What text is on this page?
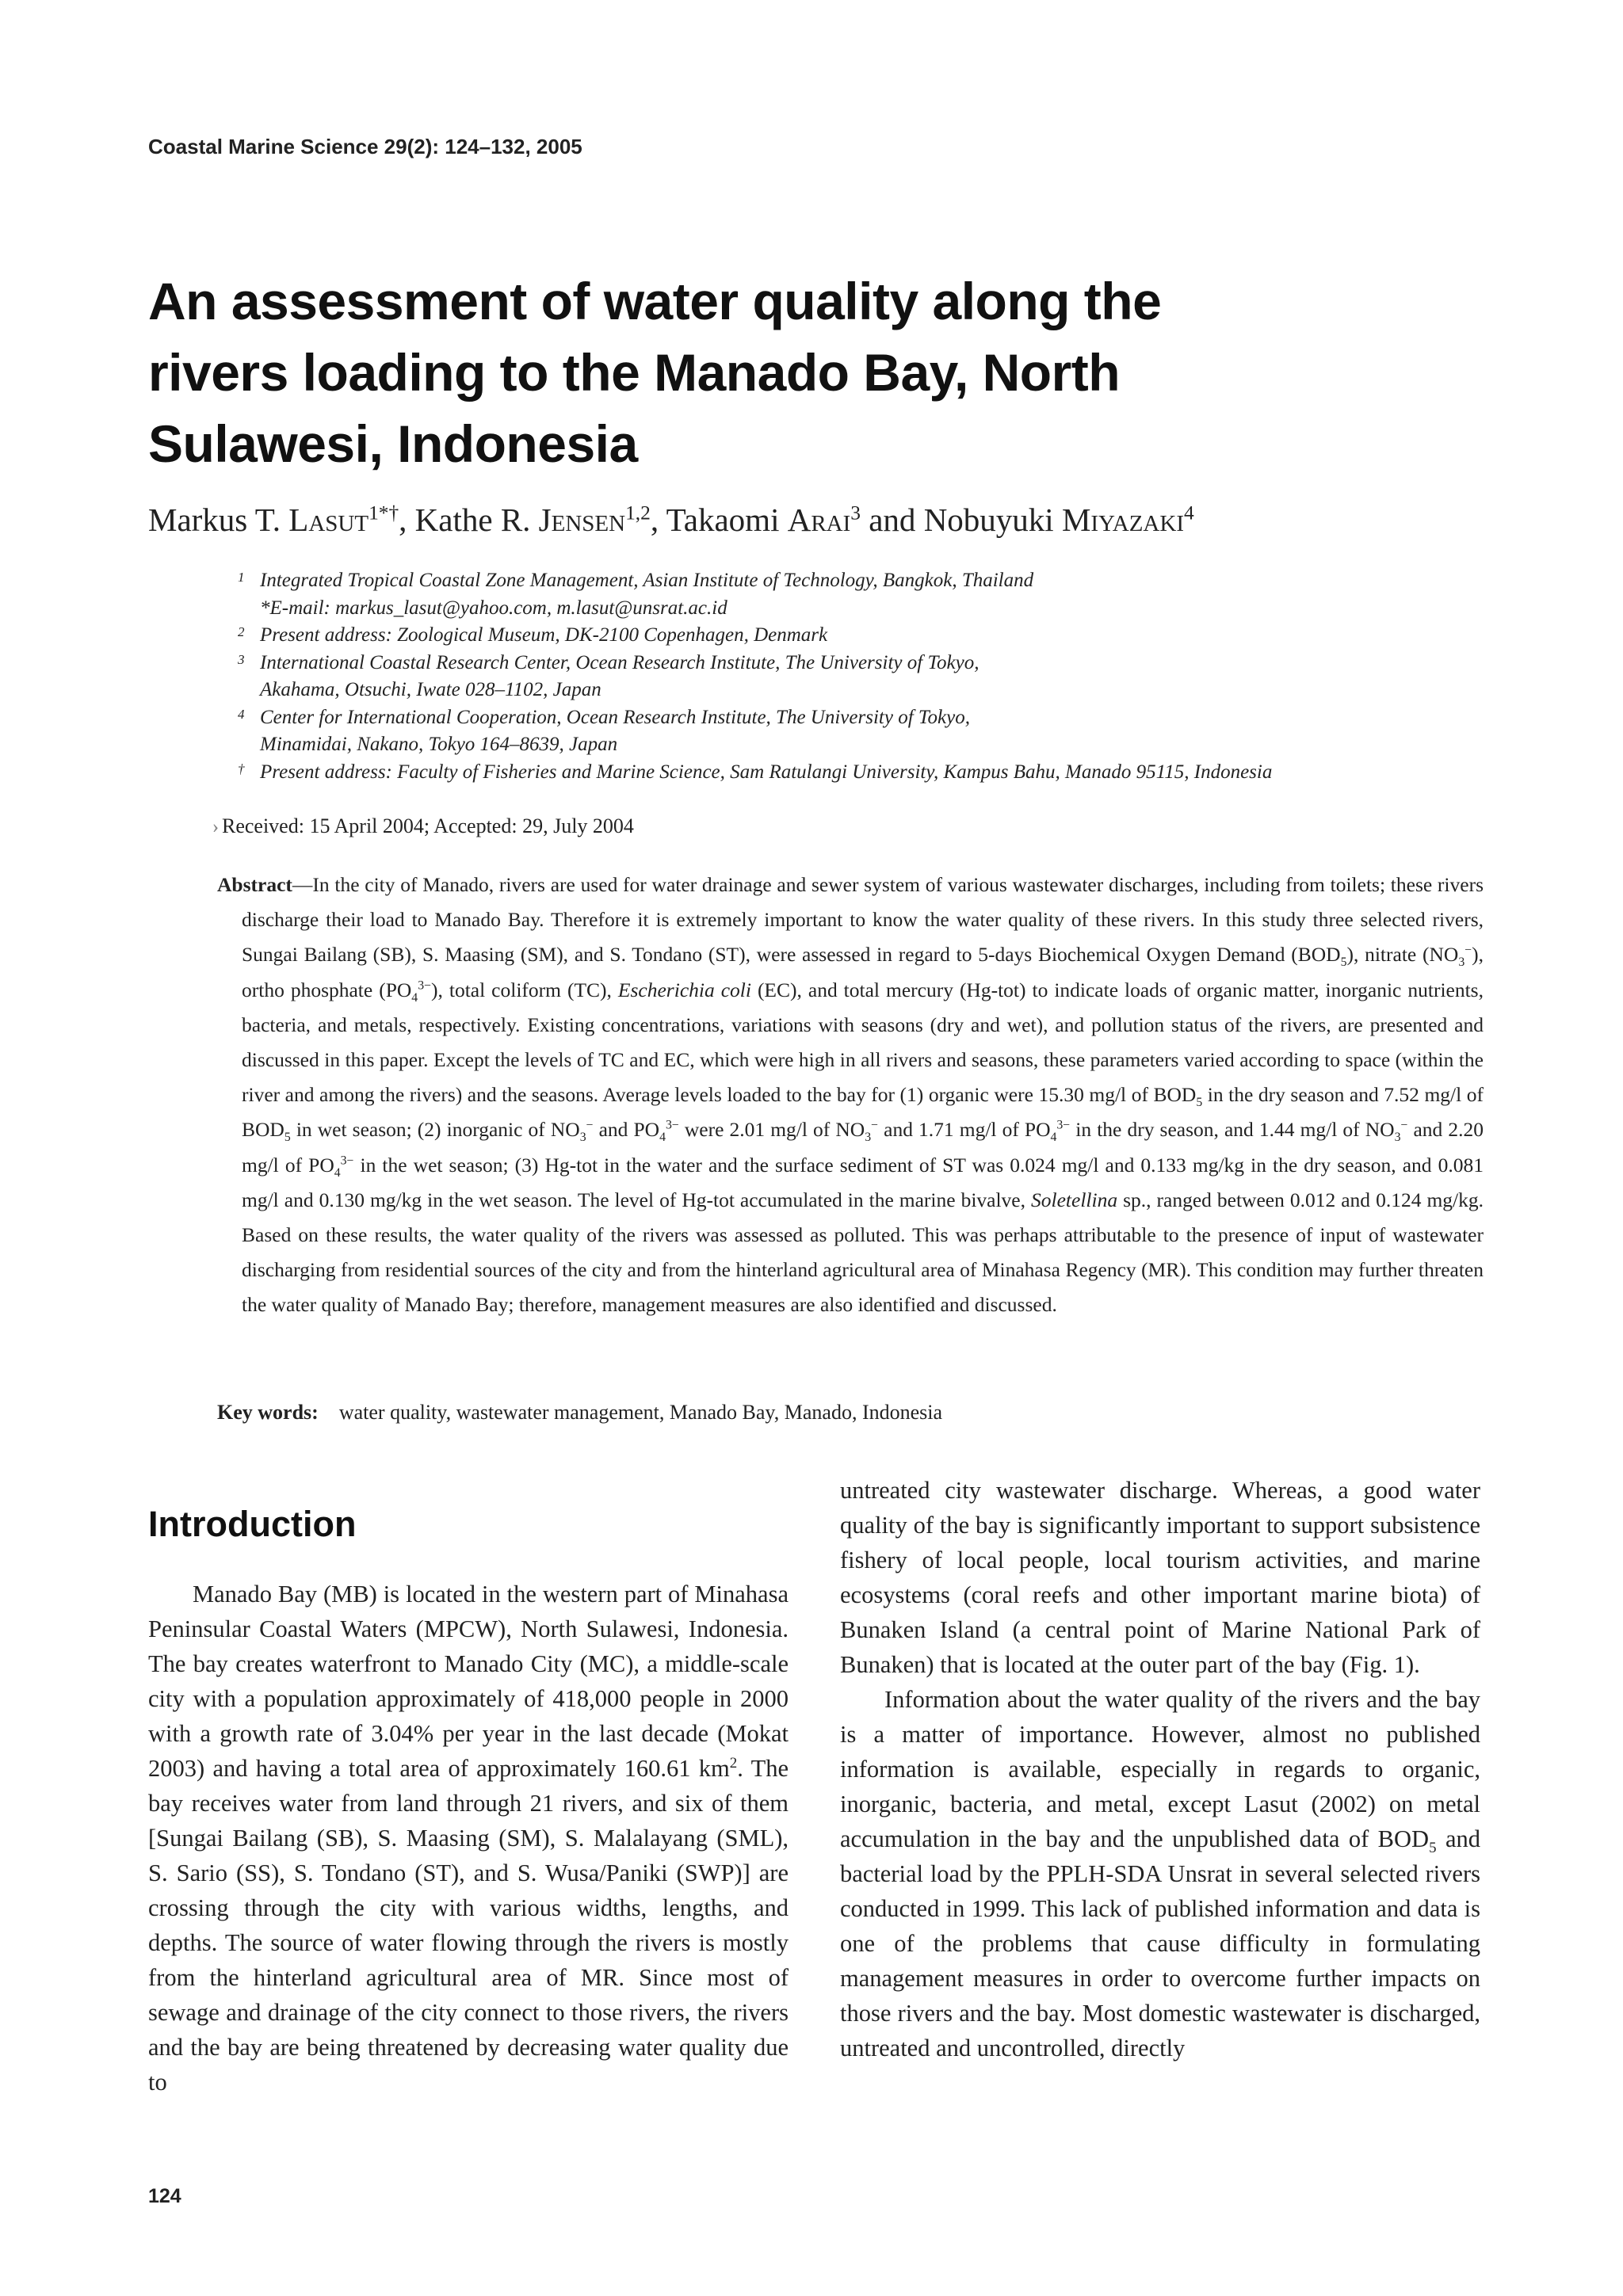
Coastal Marine Science 29(2): 124–132, 2005
An assessment of water quality along the rivers loading to the Manado Bay, North Sulawesi, Indonesia
Markus T. Lasut$^{1*\dagger}$, Kathe R. Jensen$^{1,2}$, Takaomi Arai$^3$ and Nobuyuki Miyazaki$^4$
1 Integrated Tropical Coastal Zone Management, Asian Institute of Technology, Bangkok, Thailand
*E-mail: markus_lasut@yahoo.com, m.lasut@unsrat.ac.id
2 Present address: Zoological Museum, DK-2100 Copenhagen, Denmark
3 International Coastal Research Center, Ocean Research Institute, The University of Tokyo,
Akahama, Otsuchi, Iwate 028–1102, Japan
4 Center for International Cooperation, Ocean Research Institute, The University of Tokyo,
Minamidai, Nakano, Tokyo 164–8639, Japan
† Present address: Faculty of Fisheries and Marine Science, Sam Ratulangi University, Kampus Bahu, Manado 95115, Indonesia
Received: 15 April 2004; Accepted: 29, July 2004

Abstract—In the city of Manado, rivers are used for water drainage and sewer system of various wastewater discharges, including from toilets; these rivers discharge their load to Manado Bay. Therefore it is extremely important to know the water quality of these rivers. In this study three selected rivers, Sungai Bailang (SB), S. Maasing (SM), and S. Tondano (ST), were assessed in regard to 5-days Biochemical Oxygen Demand $(BOD_5)$, nitrate $(NO_3^-)$, ortho phosphate $(PO_4^{3-})$, total coliform (TC), Escherichia coli (EC), and total mercury (Hg-tot) to indicate loads of organic matter, inorganic nutrients, bacteria, and metals, respectively. Existing concentrations, variations with seasons (dry and wet), and pollution status of the rivers, are presented and discussed in this paper. Except the levels of TC and EC, which were high in all rivers and seasons, these parameters varied according to space (within the river and among the rivers) and the seasons. Average levels loaded to the bay for (1) organic were 15.30 mg/l of $BOD_5$ in the dry season and 7.52 mg/l of $BOD_5$ in wet season; (2) inorganic of $NO_3^-$ and $PO_4^{3-}$ were 2.01 mg/l of $NO_3^-$ and 1.71 mg/l of $PO_4^{3-}$ in the dry season, and 1.44 mg/l of $NO_3^-$ and 2.20 mg/l of $PO_4^{3-}$ in the wet season; (3) Hg-tot in the water and the surface sediment of ST was 0.024 mg/l and 0.133 mg/kg in the dry season, and 0.081 mg/l and 0.130 mg/kg in the wet season. The level of Hg-tot accumulated in the marine bivalve, Soletellina sp., ranged between 0.012 and 0.124 mg/kg. Based on these results, the water quality of the rivers was assessed as polluted. This was perhaps attributable to the presence of input of wastewater discharging from residential sources of the city and from the hinterland agricultural area of Minahasa Regency (MR). This condition may further threaten the water quality of Manado Bay; therefore, management measures are also identified and discussed.

Key words: water quality, wastewater management, Manado Bay, Manado, Indonesia
Introduction

Manado Bay (MB) is located in the western part of Minahasa Peninsular Coastal Waters (MPCW), North Sulawesi, Indonesia. The bay creates waterfront to Manado City (MC), a middle-scale city with a population approximately of 418,000 people in 2000 with a growth rate of 3.04% per year in the last decade (Mokat 2003) and having a total area of approximately 160.61 $km^2$. The bay receives water from land through 21 rivers, and six of them [Sungai Bailang (SB), S. Maasing (SM), S. Malalayang (SML), S. Sario (SS), S. Tondano (ST), and S. Wusa/Paniki (SWP)] are crossing through the city with various widths, lengths, and depths. The source of water flowing through the rivers is mostly from the hinterland agricultural area of MR. Since most of sewage and drainage of the city connect to those rivers, the rivers and the bay are being threatened by decreasing water quality due to

untreated city wastewater discharge. Whereas, a good water quality of the bay is significantly important to support subsistence fishery of local people, local tourism activities, and marine ecosystems (coral reefs and other important marine biota) of Bunaken Island (a central point of Marine National Park of Bunaken) that is located at the outer part of the bay (Fig. 1).

Information about the water quality of the rivers and the bay is a matter of importance. However, almost no published information is available, especially in regards to organic, inorganic, bacteria, and metal, except Lasut (2002) on metal accumulation in the bay and the unpublished data of $BOD_5$ and bacterial load by the PPLH-SDA Unsrat in several selected rivers conducted in 1999. This lack of published information and data is one of the problems that cause difficulty in formulating management measures in order to overcome further impacts on those rivers and the bay. Most domestic wastewater is discharged, untreated and uncontrolled, directly

124
